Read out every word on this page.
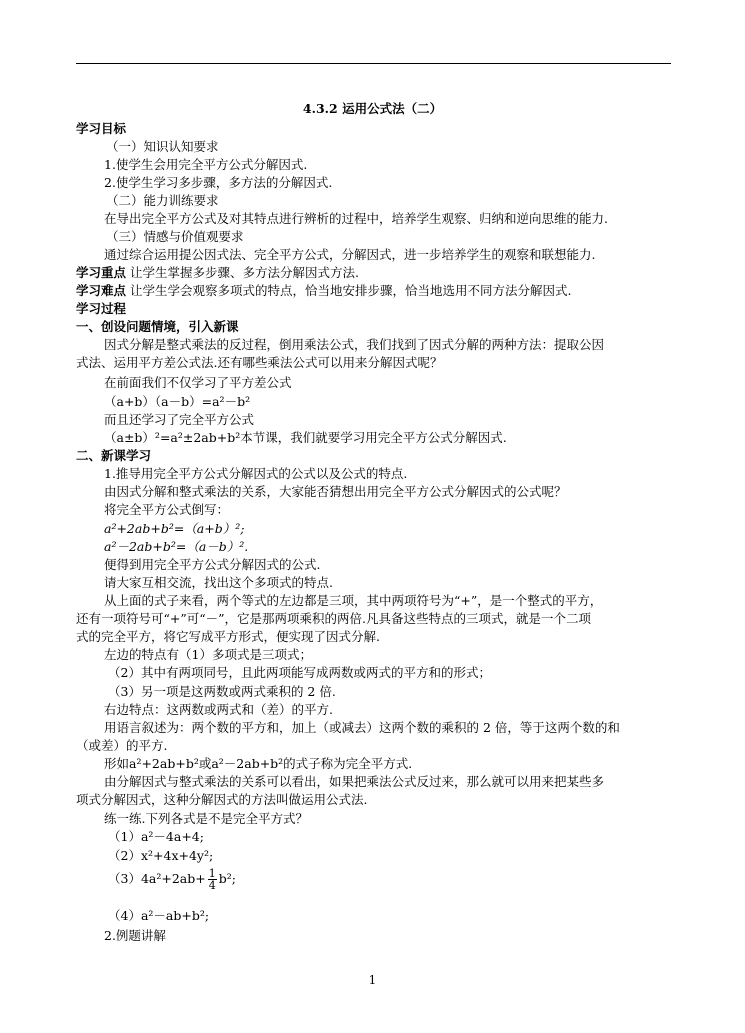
4.3.2 运用公式法（二）
学习目标
（一）知识认知要求
1.使学生会用完全平方公式分解因式.
2.使学生学习多步骤，多方法的分解因式.
（二）能力训练要求
在导出完全平方公式及对其特点进行辨析的过程中，培养学生观察、归纳和逆向思维的能力.
（三）情感与价值观要求
通过综合运用提公因式法、完全平方公式，分解因式，进一步培养学生的观察和联想能力.
学习重点 让学生掌握多步骤、多方法分解因式方法.
学习难点 让学生学会观察多项式的特点，恰当地安排步骤，恰当地选用不同方法分解因式.
学习过程
一、创设问题情境，引入新课
因式分解是整式乘法的反过程，倒用乘法公式，我们找到了因式分解的两种方法：提取公因
式法、运用平方差公式法.还有哪些乘法公式可以用来分解因式呢？
在前面我们不仅学习了平方差公式
（a+b）（a－b）=a²－b²
而且还学习了完全平方公式
（a±b）²=a²±2ab+b²本节课，我们就要学习用完全平方公式分解因式.
二、新课学习
1.推导用完全平方公式分解因式的公式以及公式的特点.
由因式分解和整式乘法的关系，大家能否猜想出用完全平方公式分解因式的公式呢？
将完全平方公式倒写：
a²+2ab+b²=（a+b）²;
a²－2ab+b²=（a－b）².
便得到用完全平方公式分解因式的公式.
请大家互相交流，找出这个多项式的特点.
从上面的式子来看，两个等式的左边都是三项，其中两项符号为“+”，是一个整式的平方，
还有一项符号可“+”可“－”，它是那两项乘积的两倍.凡具备这些特点的三项式，就是一个二项
式的完全平方，将它写成平方形式，便实现了因式分解.
左边的特点有（1）多项式是三项式；
（2）其中有两项同号，且此两项能写成两数或两式的平方和的形式；
（3）另一项是这两数或两式乘积的 2 倍.
右边特点：这两数或两式和（差）的平方.
用语言叙述为：两个数的平方和，加上（或减去）这两个数的乘积的 2 倍，等于这两个数的和
（或差）的平方.
形如a²+2ab+b²或a²－2ab+b²的式子称为完全平方式.
由分解因式与整式乘法的关系可以看出，如果把乘法公式反过来，那么就可以用来把某些多
项式分解因式，这种分解因式的方法叫做运用公式法.
练一练.下列各式是不是完全平方式？
（1）a²－4a+4;
（2）x²+4x+4y²;
$(3)4a^2+2ab+ \frac{1}{4} b^2$;
（4）a²－ab+b²;
2.例题讲解
1
